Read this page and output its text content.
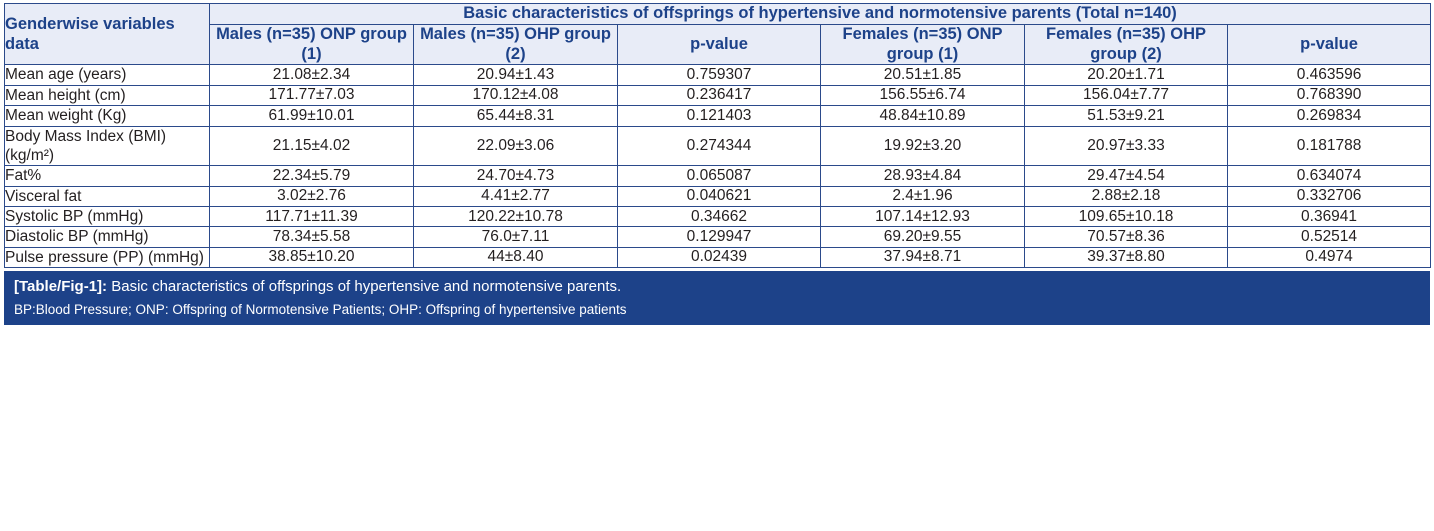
Genderwise variables data	Basic characteristics of offsprings of hypertensive and normotensive parents (Total n=140)					
	Males (n=35) ONP group (1)	Males (n=35) OHP group (2)	p-value	Females (n=35) ONP group (1)	Females (n=35) OHP group (2)	p-value
Mean age (years)	21.08±2.34	20.94±1.43	0.759307	20.51±1.85	20.20±1.71	0.463596
Mean height (cm)	171.77±7.03	170.12±4.08	0.236417	156.55±6.74	156.04±7.77	0.768390
Mean weight (Kg)	61.99±10.01	65.44±8.31	0.121403	48.84±10.89	51.53±9.21	0.269834
Body Mass Index (BMI) (kg/m²)	21.15±4.02	22.09±3.06	0.274344	19.92±3.20	20.97±3.33	0.181788
Fat%	22.34±5.79	24.70±4.73	0.065087	28.93±4.84	29.47±4.54	0.634074
Visceral fat	3.02±2.76	4.41±2.77	0.040621	2.4±1.96	2.88±2.18	0.332706
Systolic BP (mmHg)	117.71±11.39	120.22±10.78	0.34662	107.14±12.93	109.65±10.18	0.36941
Diastolic BP (mmHg)	78.34±5.58	76.0±7.11	0.129947	69.20±9.55	70.57±8.36	0.52514
Pulse pressure (PP) (mmHg)	38.85±10.20	44±8.40	0.02439	37.94±8.71	39.37±8.80	0.4974
[Table/Fig-1]: Basic characteristics of offsprings of hypertensive and normotensive parents.
BP:Blood Pressure; ONP: Offspring of Normotensive Patients; OHP: Offspring of hypertensive patients
